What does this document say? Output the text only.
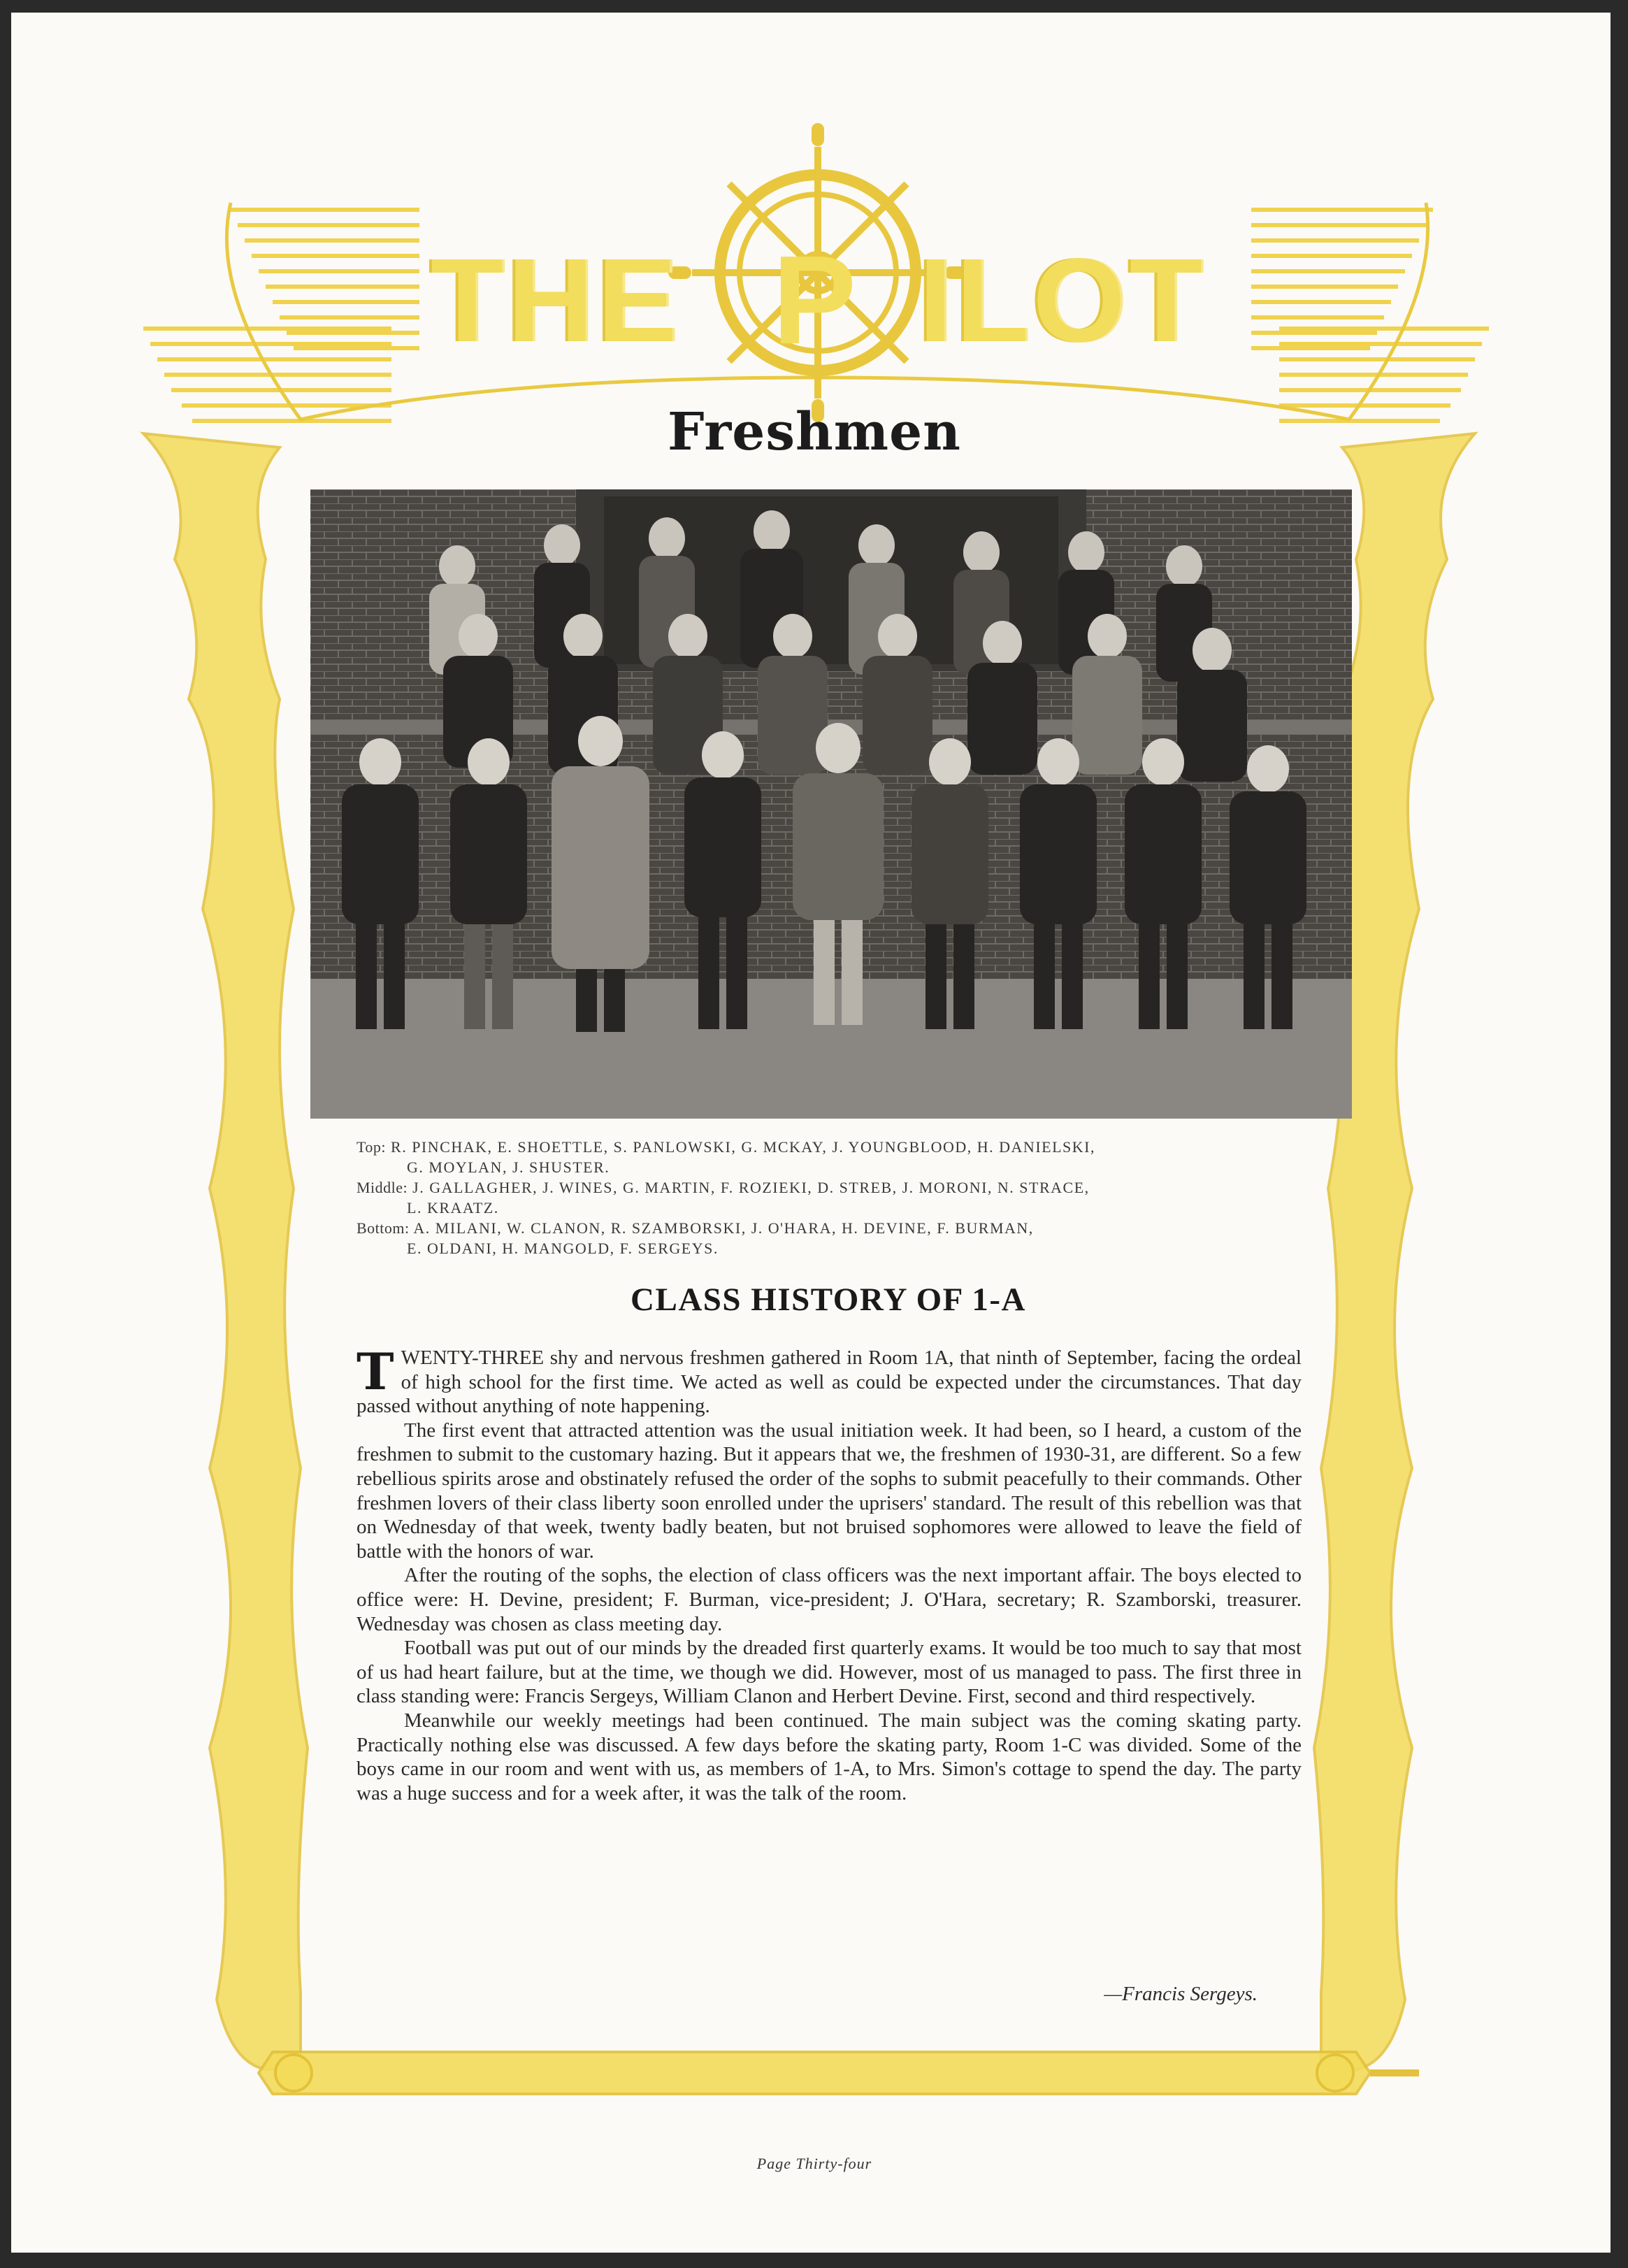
THE P ILOT
Freshmen
Top: R. PINCHAK, E. SHOETTLE, S. PANLOWSKI, G. MCKAY, J. YOUNGBLOOD, H. DANIELSKI,
G. MOYLAN, J. SHUSTER.
Middle: J. GALLAGHER, J. WINES, G. MARTIN, F. ROZIEKI, D. STREB, J. MORONI, N. STRACE,
L. KRAATZ.
Bottom: A. MILANI, W. CLANON, R. SZAMBORSKI, J. O'HARA, H. DEVINE, F. BURMAN,
E. OLDANI, H. MANGOLD, F. SERGEYS.
CLASS HISTORY OF 1-A

TWENTY-THREE shy and nervous freshmen gathered in Room 1A, that ninth of September, facing the ordeal of high school for the first time. We acted as well as could be expected under the circumstances. That day passed without anything of note happening.

The first event that attracted attention was the usual initiation week. It had been, so I heard, a custom of the freshmen to submit to the customary hazing. But it appears that we, the freshmen of 1930-31, are different. So a few rebellious spirits arose and obstinately refused the order of the sophs to submit peacefully to their commands. Other freshmen lovers of their class liberty soon enrolled under the uprisers' standard. The result of this rebellion was that on Wednesday of that week, twenty badly beaten, but not bruised sophomores were allowed to leave the field of battle with the honors of war.

After the routing of the sophs, the election of class officers was the next important affair. The boys elected to office were: H. Devine, president; F. Burman, vice-president; J. O'Hara, secretary; R. Szamborski, treasurer. Wednesday was chosen as class meeting day.

Football was put out of our minds by the dreaded first quarterly exams. It would be too much to say that most of us had heart failure, but at the time, we though we did. However, most of us managed to pass. The first three in class standing were: Francis Sergeys, William Clanon and Herbert Devine. First, second and third respectively.

Meanwhile our weekly meetings had been continued. The main subject was the coming skating party. Practically nothing else was discussed. A few days before the skating party, Room 1-C was divided. Some of the boys came in our room and went with us, as members of 1-A, to Mrs. Simon's cottage to spend the day. The party was a huge success and for a week after, it was the talk of the room.

—Francis Sergeys.
Page Thirty-four
